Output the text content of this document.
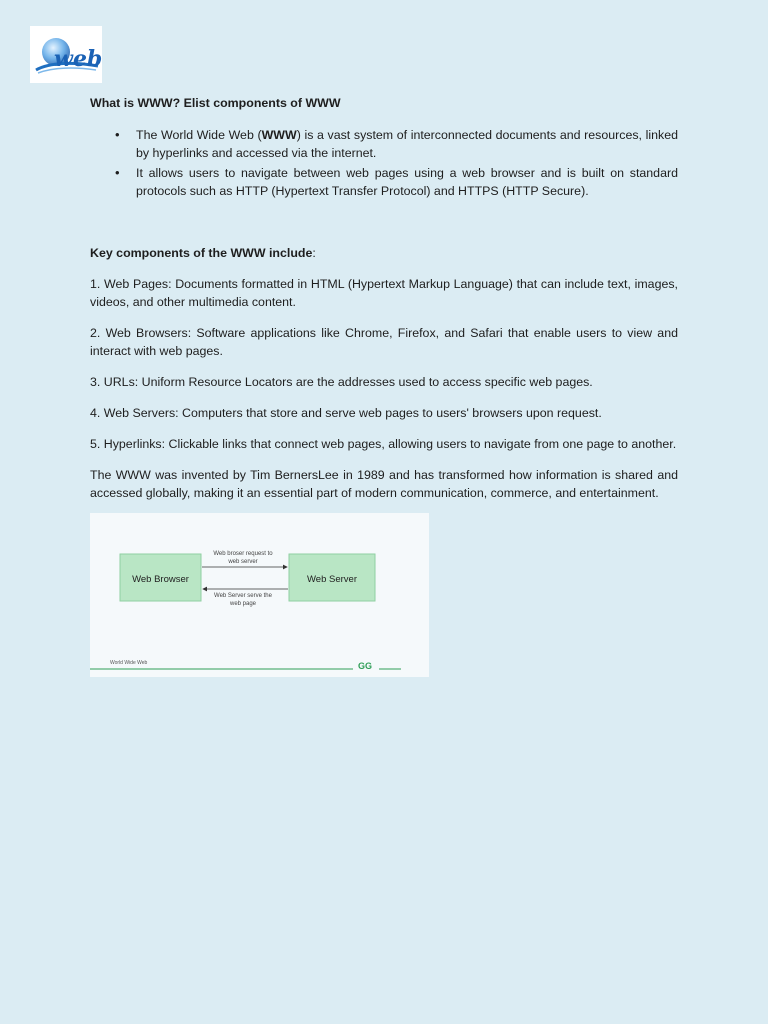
web
What is WWW? Elist components of WWW
• The World Wide Web (WWW) is a vast system of interconnected documents and resources, linked by hyperlinks and accessed via the internet.
• It allows users to navigate between web pages using a web browser and is built on standard protocols such as HTTP (Hypertext Transfer Protocol) and HTTPS (HTTP Secure).
Key components of the WWW include:

1. Web Pages: Documents formatted in HTML (Hypertext Markup Language) that can include text, images, videos, and other multimedia content.

2. Web Browsers: Software applications like Chrome, Firefox, and Safari that enable users to view and interact with web pages.

3. URLs: Uniform Resource Locators are the addresses used to access specific web pages.

4. Web Servers: Computers that store and serve web pages to users' browsers upon request.

5. Hyperlinks: Clickable links that connect web pages, allowing users to navigate from one page to another.

The WWW was invented by Tim BernersLee in 1989 and has transformed how information is shared and accessed globally, making it an essential part of modern communication, commerce, and entertainment.

Web Browser	Web Server
Web broser request to
web server
Web Server serve the
web page
World Wide Web	GG
